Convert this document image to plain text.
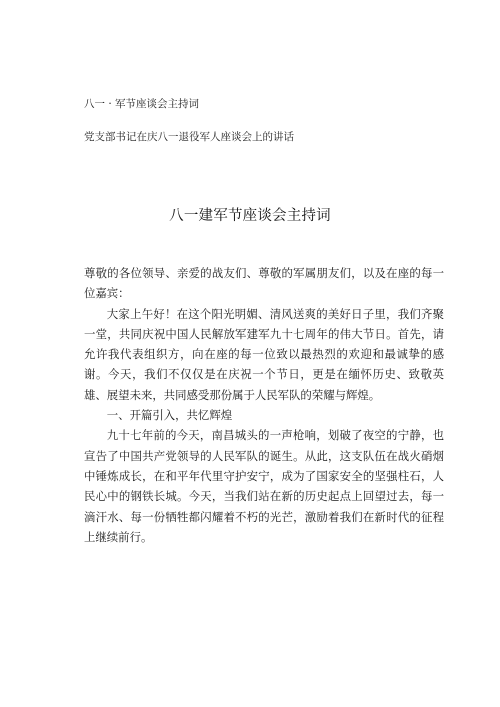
八一 · 军节座谈会主持词
党支部书记在庆八一退役军人座谈会上的讲话
八一建军节座谈会主持词

尊敬的各位领导、亲爱的战友们、尊敬的军属朋友们，以及在座的每一位嘉宾：

大家上午好！在这个阳光明媚、清风送爽的美好日子里，我们齐聚一堂，共同庆祝中国人民解放军建军九十七周年的伟大节日。首先，请允许我代表组织方，向在座的每一位致以最热烈的欢迎和最诚挚的感谢。今天，我们不仅仅是在庆祝一个节日，更是在缅怀历史、致敬英雄、展望未来，共同感受那份属于人民军队的荣耀与辉煌。

一、开篇引入，共忆辉煌

九十七年前的今天，南昌城头的一声枪响，划破了夜空的宁静，也宣告了中国共产党领导的人民军队的诞生。从此，这支队伍在战火硝烟中锤炼成长，在和平年代里守护安宁，成为了国家安全的坚强柱石，人民心中的钢铁长城。今天，当我们站在新的历史起点上回望过去，每一滴汗水、每一份牺牲都闪耀着不朽的光芒，激励着我们在新时代的征程上继续前行。
